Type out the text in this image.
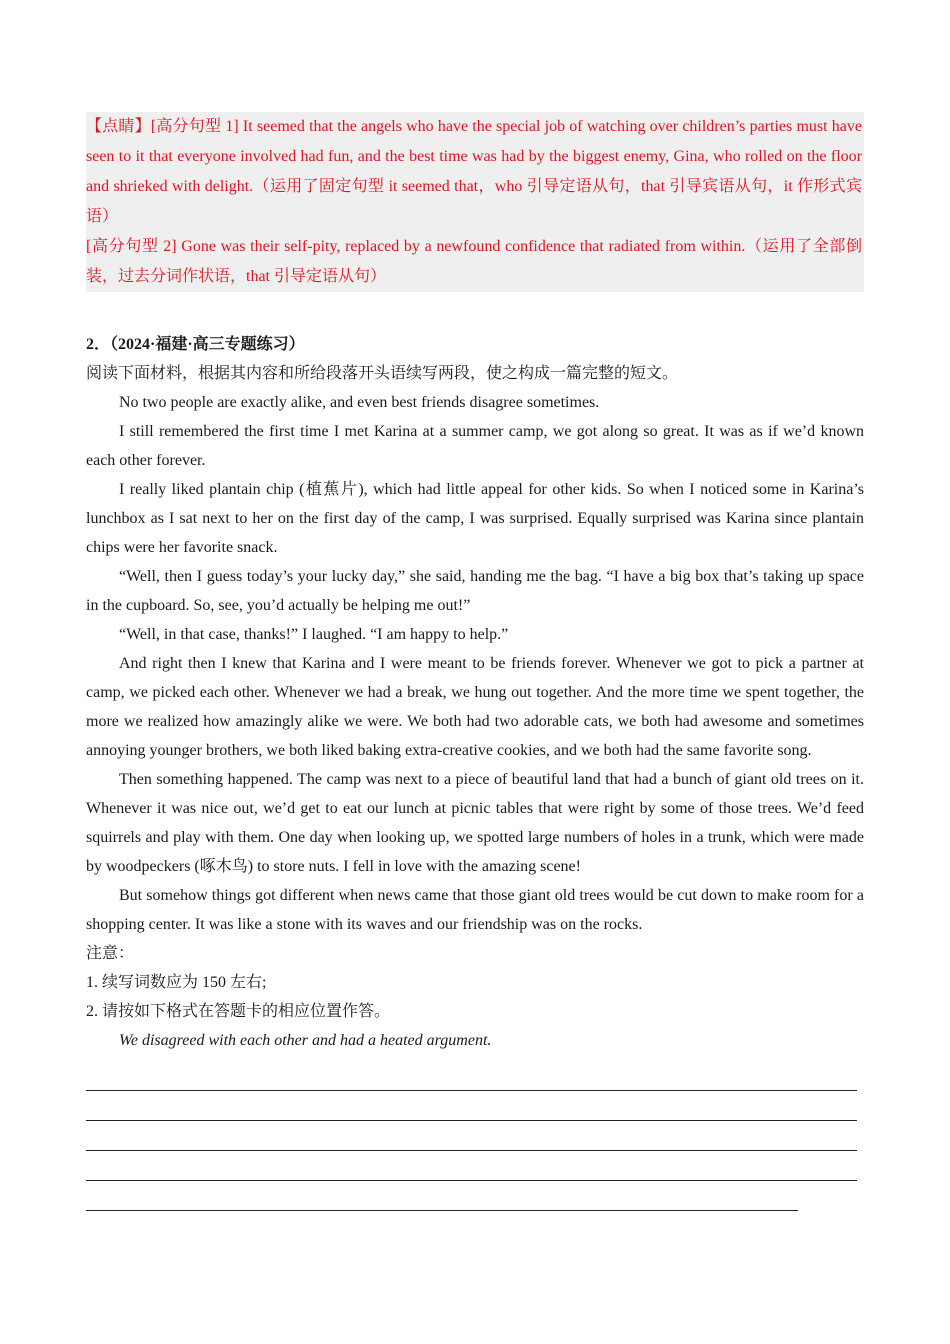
【点睛】[高分句型 1] It seemed that the angels who have the special job of watching over children’s parties must have seen to it that everyone involved had fun, and the best time was had by the biggest enemy, Gina, who rolled on the floor and shrieked with delight.（运用了固定句型 it seemed that，who 引导定语从句，that 引导宾语从句，it 作形式宾语）

[高分句型 2] Gone was their self-pity, replaced by a newfound confidence that radiated from within.（运用了全部倒装，过去分词作状语，that 引导定语从句）

2．（2024·福建·高三专题练习）

阅读下面材料，根据其内容和所给段落开头语续写两段，使之构成一篇完整的短文。

No two people are exactly alike, and even best friends disagree sometimes.

I still remembered the first time I met Karina at a summer camp, we got along so great. It was as if we’d known each other forever.

I really liked plantain chip (植蕉片), which had little appeal for other kids. So when I noticed some in Karina’s lunchbox as I sat next to her on the first day of the camp, I was surprised. Equally surprised was Karina since plantain chips were her favorite snack.

“Well, then I guess today’s your lucky day,” she said, handing me the bag. “I have a big box that’s taking up space in the cupboard. So, see, you’d actually be helping me out!”

“Well, in that case, thanks!” I laughed. “I am happy to help.”

And right then I knew that Karina and I were meant to be friends forever. Whenever we got to pick a partner at camp, we picked each other. Whenever we had a break, we hung out together. And the more time we spent together, the more we realized how amazingly alike we were. We both had two adorable cats, we both had awesome and sometimes annoying younger brothers, we both liked baking extra-creative cookies, and we both had the same favorite song.

Then something happened. The camp was next to a piece of beautiful land that had a bunch of giant old trees on it. Whenever it was nice out, we’d get to eat our lunch at picnic tables that were right by some of those trees. We’d feed squirrels and play with them. One day when looking up, we spotted large numbers of holes in a trunk, which were made by woodpeckers (啄木鸟) to store nuts. I fell in love with the amazing scene!

But somehow things got different when news came that those giant old trees would be cut down to make room for a shopping center. It was like a stone with its waves and our friendship was on the rocks.

注意：

1. 续写词数应为 150 左右;

2. 请按如下格式在答题卡的相应位置作答。

We disagreed with each other and had a heated argument.
